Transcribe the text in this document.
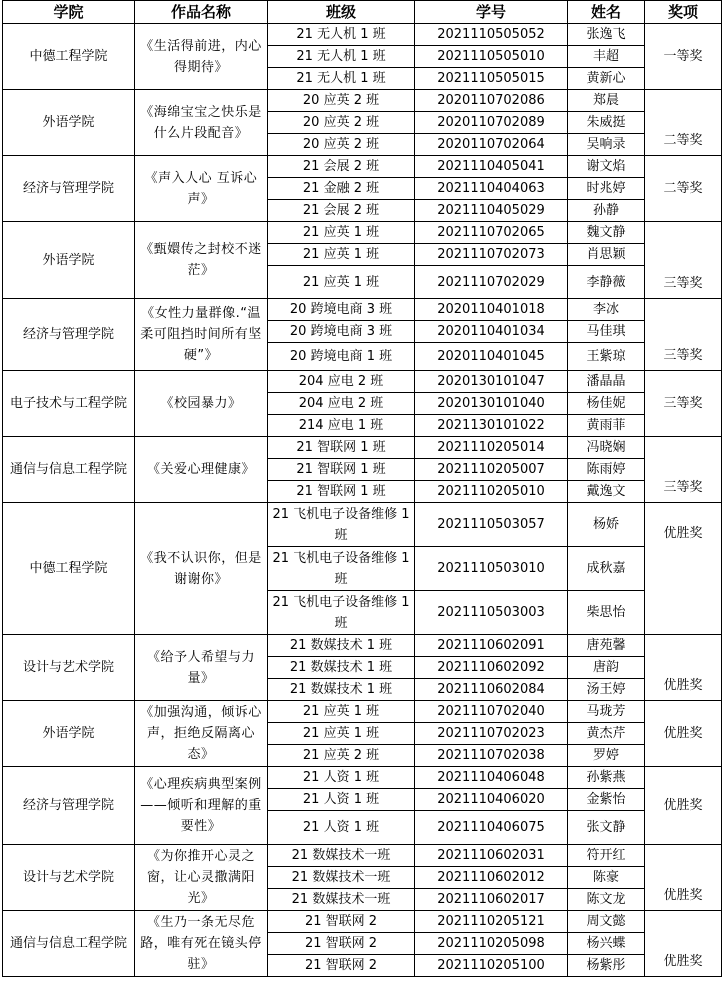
学院	作品名称	班级	学号	姓名	奖项
中德工程学院	《生活得前进，内心得期待》	21 无人机 1 班	2021110505052	张逸飞	一等奖
		21 无人机 1 班	2021110505010	丰超	
		21 无人机 1 班	2021110505015	黄新心	
外语学院	《海绵宝宝之快乐是什么片段配音》	20 应英 2 班	2020110702086	郑晨	二等奖
		20 应英 2 班	2020110702089	朱威挺	
		20 应英 2 班	2020110702064	吴响录	
经济与管理学院	《声入人心 互诉心声》	21 会展 2 班	2021110405041	谢文焰	二等奖
		21 金融 2 班	2021110404063	时兆婷	
		21 会展 2 班	2021110405029	孙静	
外语学院	《甄嬛传之封校不迷茫》	21 应英 1 班	2021110702065	魏文静	三等奖
		21 应英 1 班	2021110702073	肖思颖	
		21 应英 1 班	2021110702029	李静薇	
经济与管理学院	《女性力量群像.“温柔可阻挡时间所有坚硬”》	20 跨境电商 3 班	2020110401018	李冰	三等奖
		20 跨境电商 3 班	2020110401034	马佳琪	
		20 跨境电商 1 班	2020110401045	王紫琼	
电子技术与工程学院	《校园暴力》	204 应电 2 班	2020130101047	潘晶晶	三等奖
		204 应电 2 班	2020130101040	杨佳妮	
		214 应电 1 班	2021130101022	黄雨菲	
通信与信息工程学院	《关爱心理健康》	21 智联网 1 班	2021110205014	冯晓娴	三等奖
		21 智联网 1 班	2021110205007	陈雨婷	
		21 智联网 1 班	2021110205010	戴逸文	
中德工程学院	《我不认识你，但是谢谢你》	21 飞机电子设备维修 1 班	2021110503057	杨娇	优胜奖
		21 飞机电子设备维修 1 班	2021110503010	成秋嘉	
		21 飞机电子设备维修 1 班	2021110503003	柴思怡	
设计与艺术学院	《给予人希望与力量》	21 数媒技术 1 班	2021110602091	唐苑馨	优胜奖
		21 数媒技术 1 班	2021110602092	唐韵	
		21 数媒技术 1 班	2021110602084	汤王婷	
外语学院	《加强沟通，倾诉心声，拒绝反隔离心态》	21 应英 1 班	2021110702040	马珑芳	优胜奖
		21 应英 1 班	2021110702023	黄杰芹	
		21 应英 2 班	2021110702038	罗婷	
经济与管理学院	《心理疾病典型案例——倾听和理解的重要性》	21 人资 1 班	2021110406048	孙紫燕	优胜奖
		21 人资 1 班	2021110406020	金紫怡	
		21 人资 1 班	2021110406075	张文静	
设计与艺术学院	《为你推开心灵之窗，让心灵撒满阳光》	21 数媒技术一班	2021110602031	符开红	优胜奖
		21 数媒技术一班	2021110602012	陈豪	
		21 数媒技术一班	2021110602017	陈文龙	
通信与信息工程学院	《生乃一条无尽危路，唯有死在镜头停驻》	21 智联网 2	2021110205121	周文懿	优胜奖
		21 智联网 2	2021110205098	杨兴蝶	
		21 智联网 2	2021110205100	杨紫彤	
